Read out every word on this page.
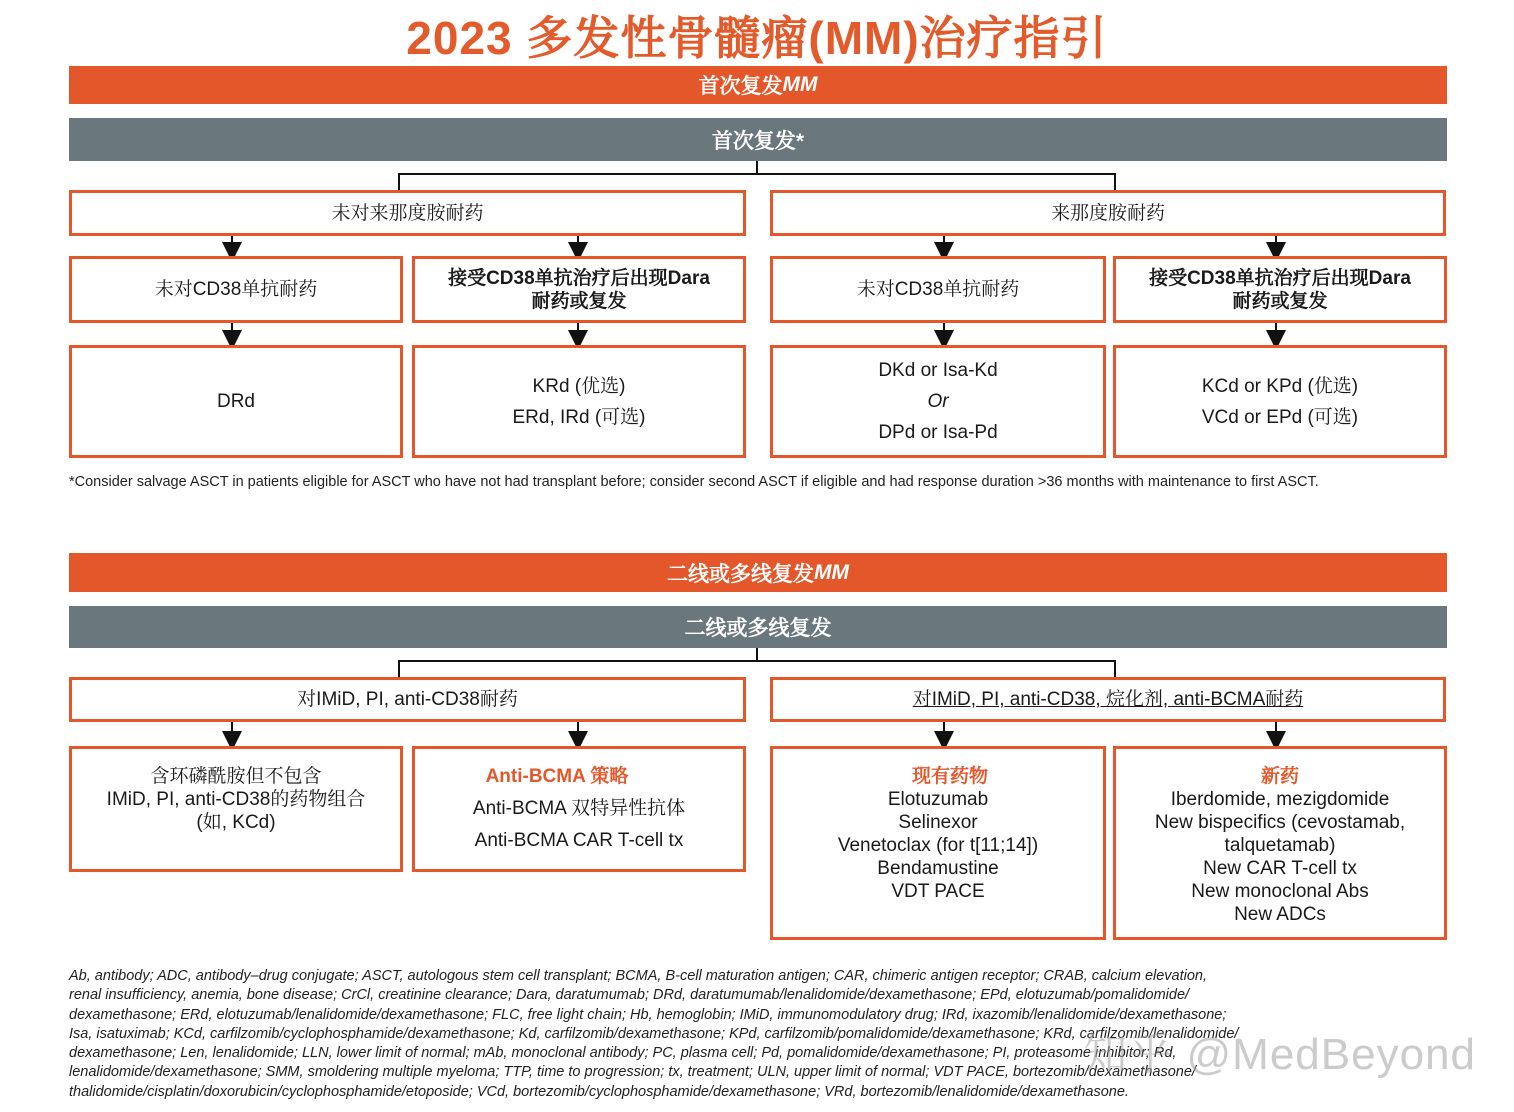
2023 多发性骨髓瘤(MM)治疗指引
首次复发 MM
首次复发*
未对来那度胺耐药	来那度胺耐药
未对CD38单抗耐药
接受CD38单抗治疗后出现Dara耐药或复发
未对CD38单抗耐药
接受CD38单抗治疗后出现Dara耐药或复发
DRd
KRd (优选)
ERd, IRd (可选)
DKd or Isa-Kd
Or
DPd or Isa-Pd
KCd or KPd (优选)
VCd or EPd (可选)
*Consider salvage ASCT in patients eligible for ASCT who have not had transplant before; consider second ASCT if eligible and had response duration >36 months with maintenance to first ASCT.
二线或多线复发 MM
二线或多线复发
对IMiD, PI, anti-CD38耐药	对IMiD, PI, anti-CD38, 烷化剂, anti-BCMA耐药
含环磷酰胺但不包含
IMiD, PI, anti-CD38的药物组合
(如, KCd)
Anti-BCMA 策略
Anti-BCMA 双特异性抗体
Anti-BCMA CAR T-cell tx
现有药物
Elotuzumab
Selinexor
Venetoclax (for t[11;14])
Bendamustine
VDT PACE
新药
Iberdomide, mezigdomide
New bispecifics (cevostamab,
talquetamab)
New CAR T-cell tx
New monoclonal Abs
New ADCs
Ab, antibody; ADC, antibody–drug conjugate; ASCT, autologous stem cell transplant; BCMA, B-cell maturation antigen; CAR, chimeric antigen receptor; CRAB, calcium elevation,
renal insufficiency, anemia, bone disease; CrCl, creatinine clearance; Dara, daratumumab; DRd, daratumumab/lenalidomide/dexamethasone; EPd, elotuzumab/pomalidomide/
dexamethasone; ERd, elotuzumab/lenalidomide/dexamethasone; FLC, free light chain; Hb, hemoglobin; IMiD, immunomodulatory drug; IRd, ixazomib/lenalidomide/dexamethasone;
Isa, isatuximab; KCd, carfilzomib/cyclophosphamide/dexamethasone; Kd, carfilzomib/dexamethasone; KPd, carfilzomib/pomalidomide/dexamethasone; KRd, carfilzomib/lenalidomide/
dexamethasone; Len, lenalidomide; LLN, lower limit of normal; mAb, monoclonal antibody; PC, plasma cell; Pd, pomalidomide/dexamethasone; PI, proteasome inhibitor; Rd,
lenalidomide/dexamethasone; SMM, smoldering multiple myeloma; TTP, time to progression; tx, treatment; ULN, upper limit of normal; VDT PACE, bortezomib/dexamethasone/
thalidomide/cisplatin/doxorubicin/cyclophosphamide/etoposide; VCd, bortezomib/cyclophosphamide/dexamethasone; VRd, bortezomib/lenalidomide/dexamethasone.
知乎 @MedBeyond
